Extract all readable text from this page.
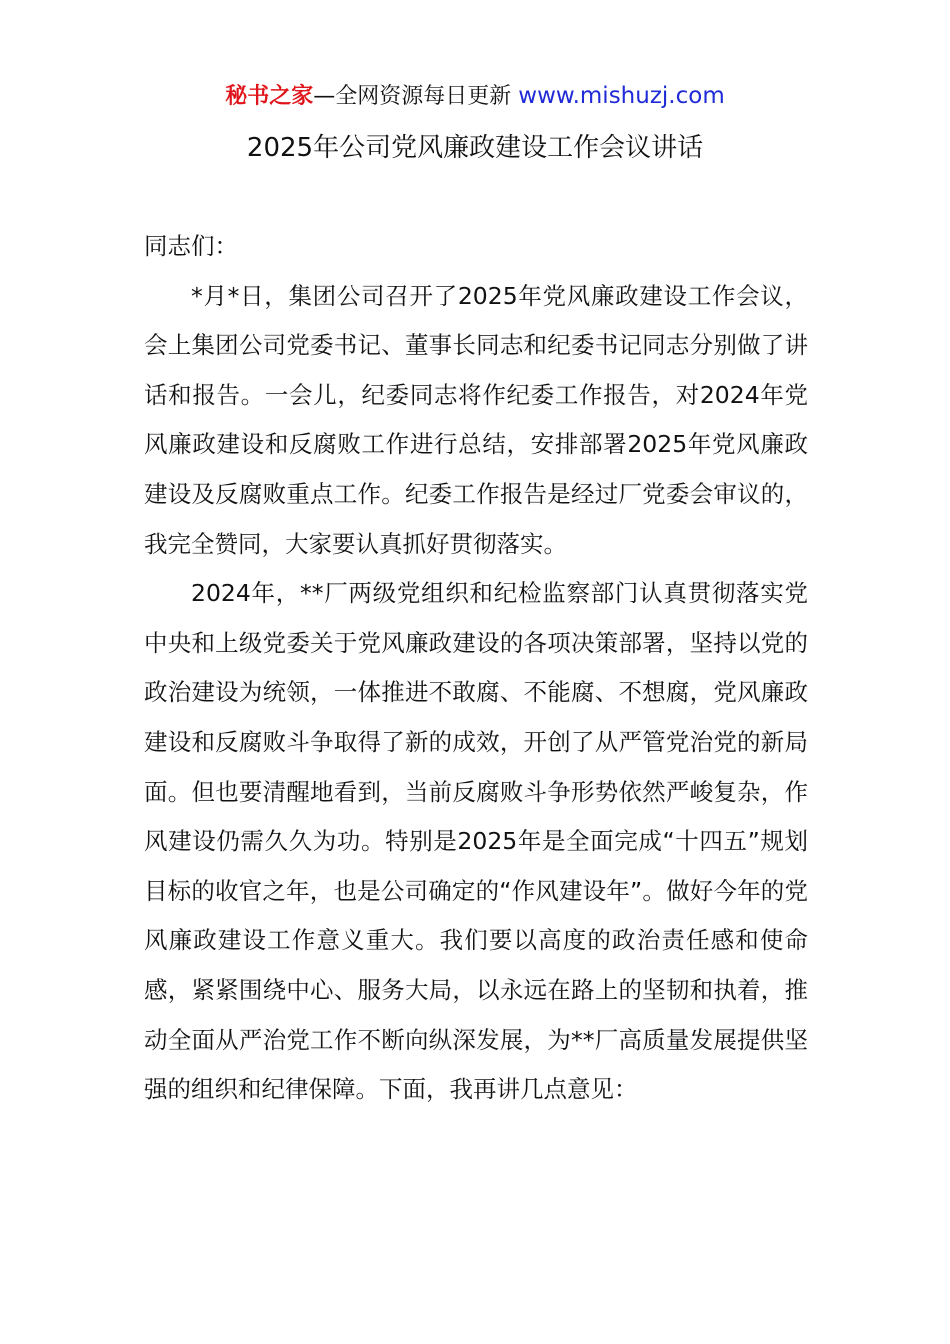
秘书之家—全网资源每日更新 www.mishuzj.com
2025年公司党风廉政建设工作会议讲话

同志们：

*月*日，集团公司召开了2025年党风廉政建设工作会议，会上集团公司党委书记、董事长同志和纪委书记同志分别做了讲话和报告。一会儿，纪委同志将作纪委工作报告，对2024年党风廉政建设和反腐败工作进行总结，安排部署2025年党风廉政建设及反腐败重点工作。纪委工作报告是经过厂党委会审议的，我完全赞同，大家要认真抓好贯彻落实。

2024年，**厂两级党组织和纪检监察部门认真贯彻落实党中央和上级党委关于党风廉政建设的各项决策部署，坚持以党的政治建设为统领，一体推进不敢腐、不能腐、不想腐，党风廉政建设和反腐败斗争取得了新的成效，开创了从严管党治党的新局面。但也要清醒地看到，当前反腐败斗争形势依然严峻复杂，作风建设仍需久久为功。特别是2025年是全面完成“十四五”规划目标的收官之年，也是公司确定的“作风建设年”。做好今年的党风廉政建设工作意义重大。我们要以高度的政治责任感和使命感，紧紧围绕中心、服务大局，以永远在路上的坚韧和执着，推动全面从严治党工作不断向纵深发展，为**厂高质量发展提供坚强的组织和纪律保障。下面，我再讲几点意见：
